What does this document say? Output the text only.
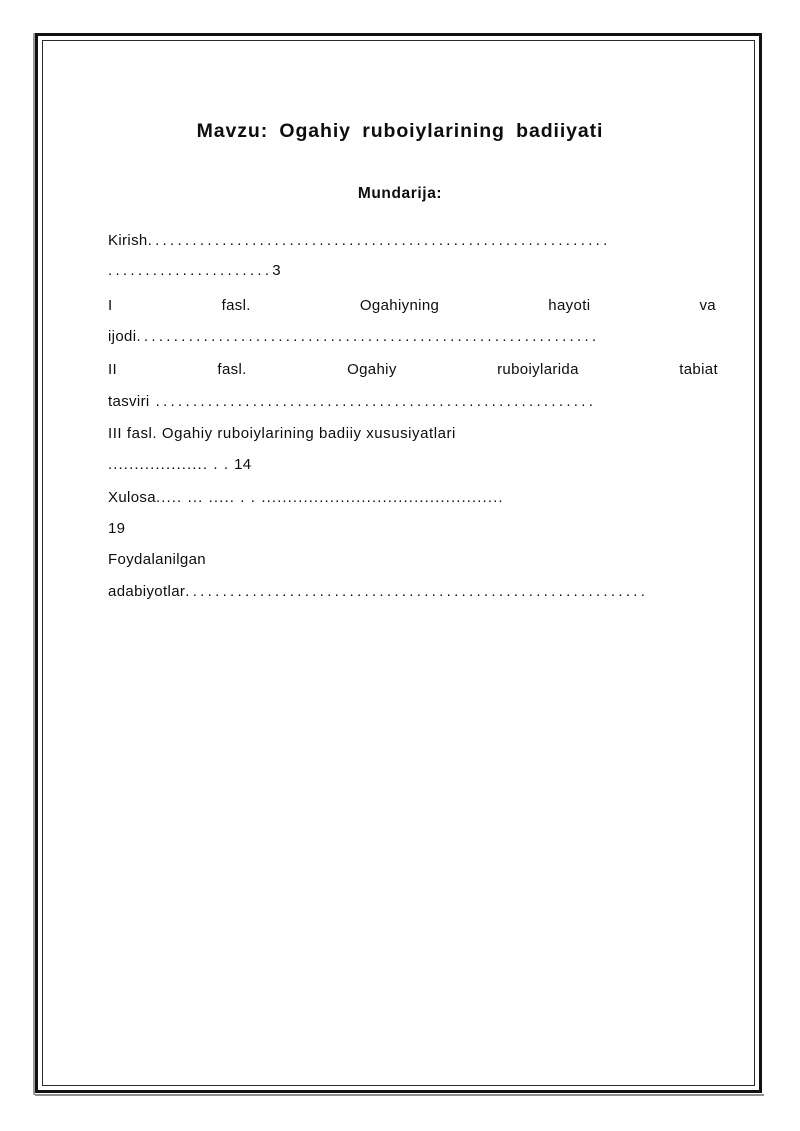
Mavzu: Ogahiy ruboiylarining badiiyati
Mundarija:
Kirish..............................................................
......................3
I	fasl.	Ogahiyning	hayoti	va
ijodi..............................................................
II	fasl.	Ogahiy	ruboiylarida	tabiat
tasviri ...........................................................
III fasl. Ogahiy ruboiylarining badiiy xususiyatlari
................... . . 14
Xulosa..... ... ..... . . ..............................................
19
Foydalanilgan
adabiyotlar..............................................................
